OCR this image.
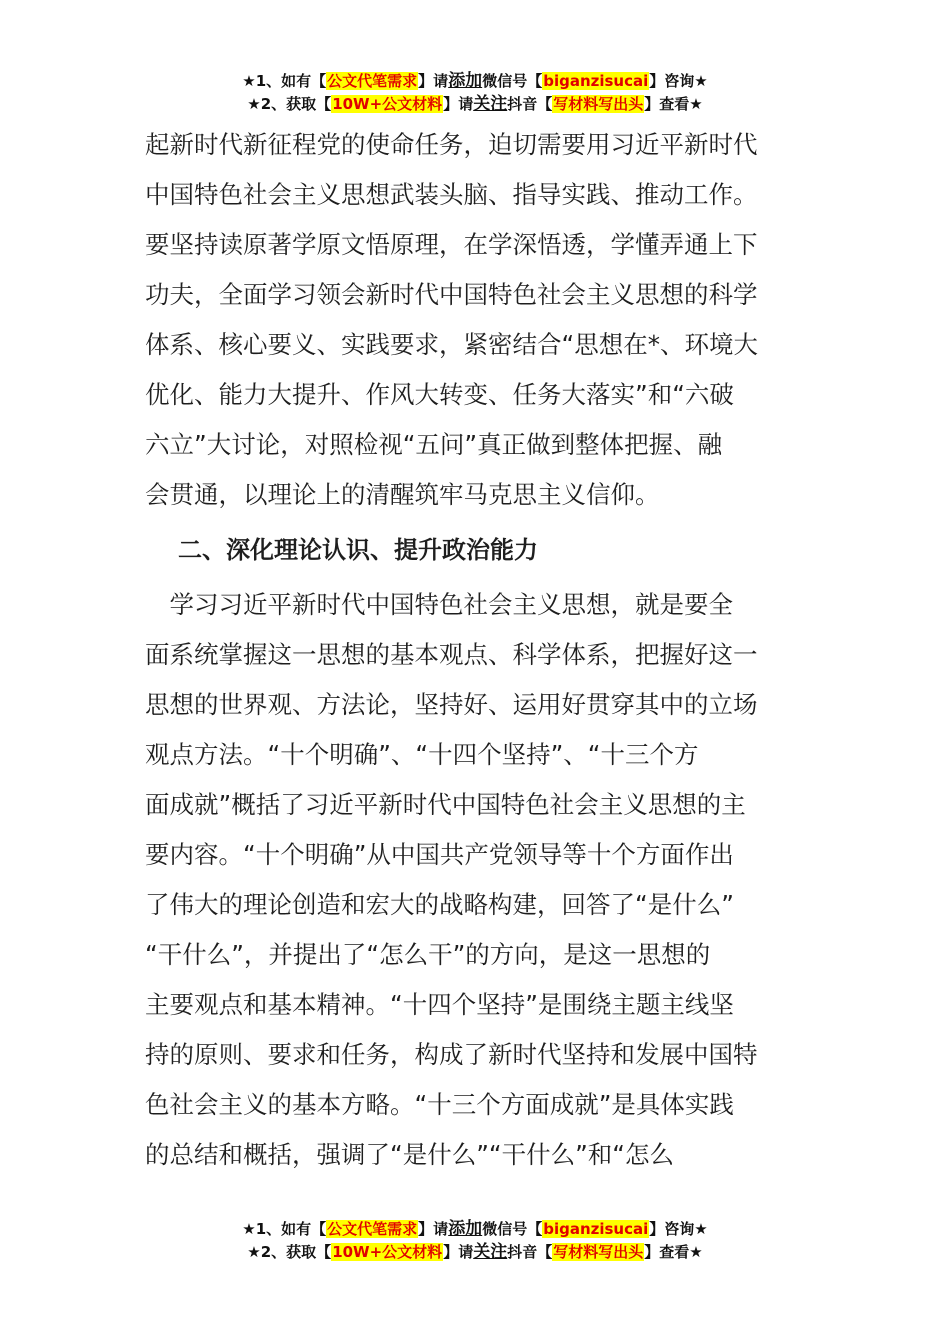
★1、如有【公文代笔需求】请添加微信号【biganzisucai】咨询★
★2、获取【10W+公文材料】请关注抖音【写材料写出头】查看★
起新时代新征程党的使命任务，迫切需要用习近平新时代
中国特色社会主义思想武装头脑、指导实践、推动工作。
要坚持读原著学原文悟原理，在学深悟透，学懂弄通上下
功夫，全面学习领会新时代中国特色社会主义思想的科学
体系、核心要义、实践要求，紧密结合“思想在*、环境大
优化、能力大提升、作风大转变、任务大落实”和“六破
六立”大讨论，对照检视“五问”真正做到整体把握、融
会贯通，以理论上的清醒筑牢马克思主义信仰。
二、深化理论认识、提升政治能力
　学习习近平新时代中国特色社会主义思想，就是要全
面系统掌握这一思想的基本观点、科学体系，把握好这一
思想的世界观、方法论，坚持好、运用好贯穿其中的立场
观点方法。“十个明确”、“十四个坚持”、“十三个方
面成就”概括了习近平新时代中国特色社会主义思想的主
要内容。“十个明确”从中国共产党领导等十个方面作出
了伟大的理论创造和宏大的战略构建，回答了“是什么”
“干什么”，并提出了“怎么干”的方向，是这一思想的
主要观点和基本精神。“十四个坚持”是围绕主题主线坚
持的原则、要求和任务，构成了新时代坚持和发展中国特
色社会主义的基本方略。“十三个方面成就”是具体实践
的总结和概括，强调了“是什么”“干什么”和“怎么
★1、如有【公文代笔需求】请添加微信号【biganzisucai】咨询★
★2、获取【10W+公文材料】请关注抖音【写材料写出头】查看★
